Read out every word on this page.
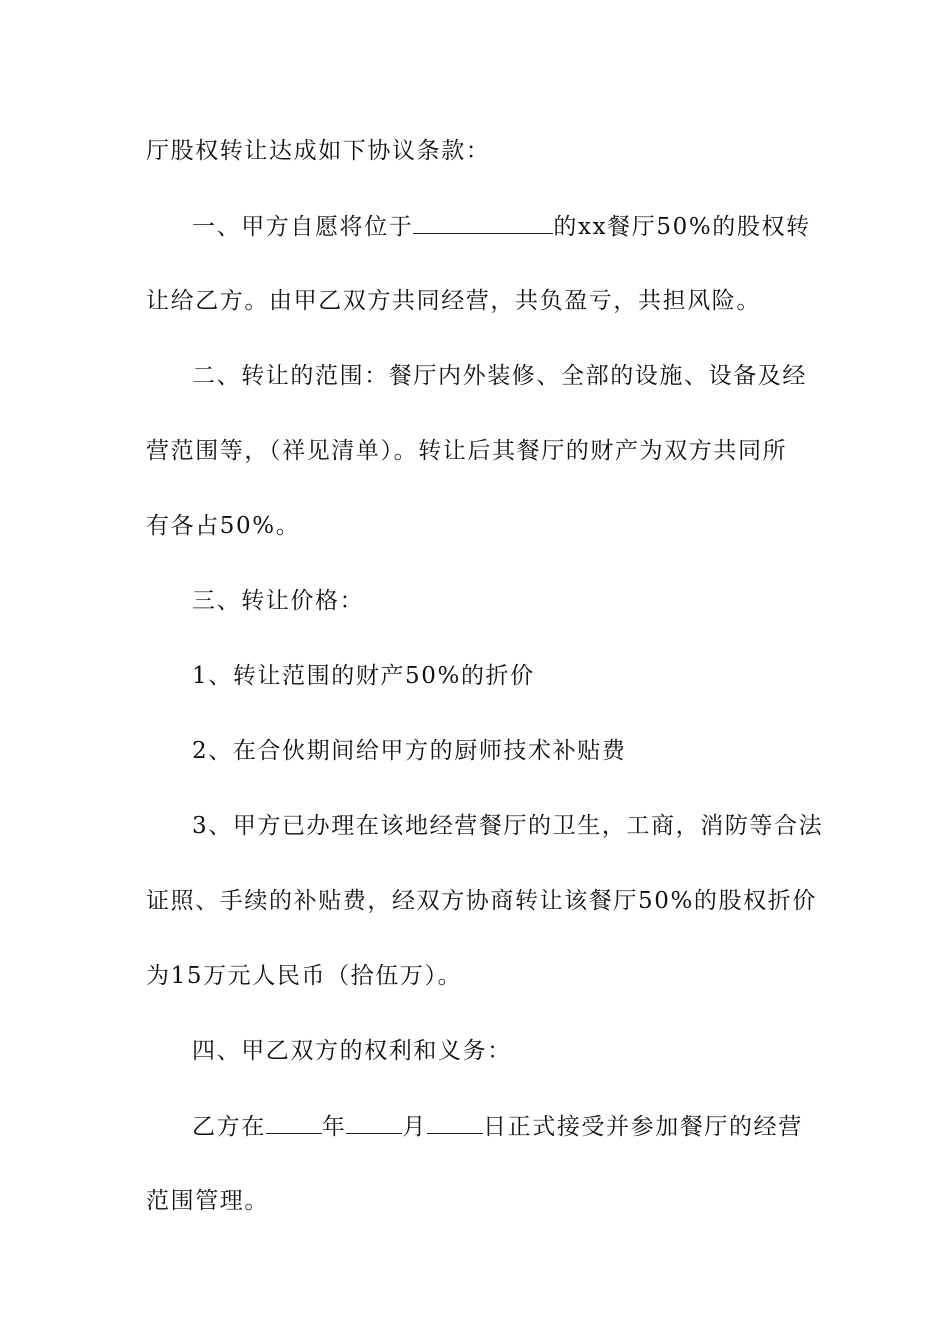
厅股权转让达成如下协议条款：
一、甲方自愿将位于	的xx餐厅50%的股权转
让给乙方。由甲乙双方共同经营，共负盈亏，共担风险。
二、转让的范围：餐厅内外装修、全部的设施、设备及经
营范围等，（祥见清单）。转让后其餐厅的财产为双方共同所
有各占50%。
三、转让价格：
1、转让范围的财产50%的折价
2、在合伙期间给甲方的厨师技术补贴费
3、甲方已办理在该地经营餐厅的卫生，工商，消防等合法
证照、手续的补贴费，经双方协商转让该餐厅50%的股权折价
为15万元人民币（拾伍万）。
四、甲乙双方的权利和义务：
乙方在 年 月 日正式接受并参加餐厅的经营
范围管理。
